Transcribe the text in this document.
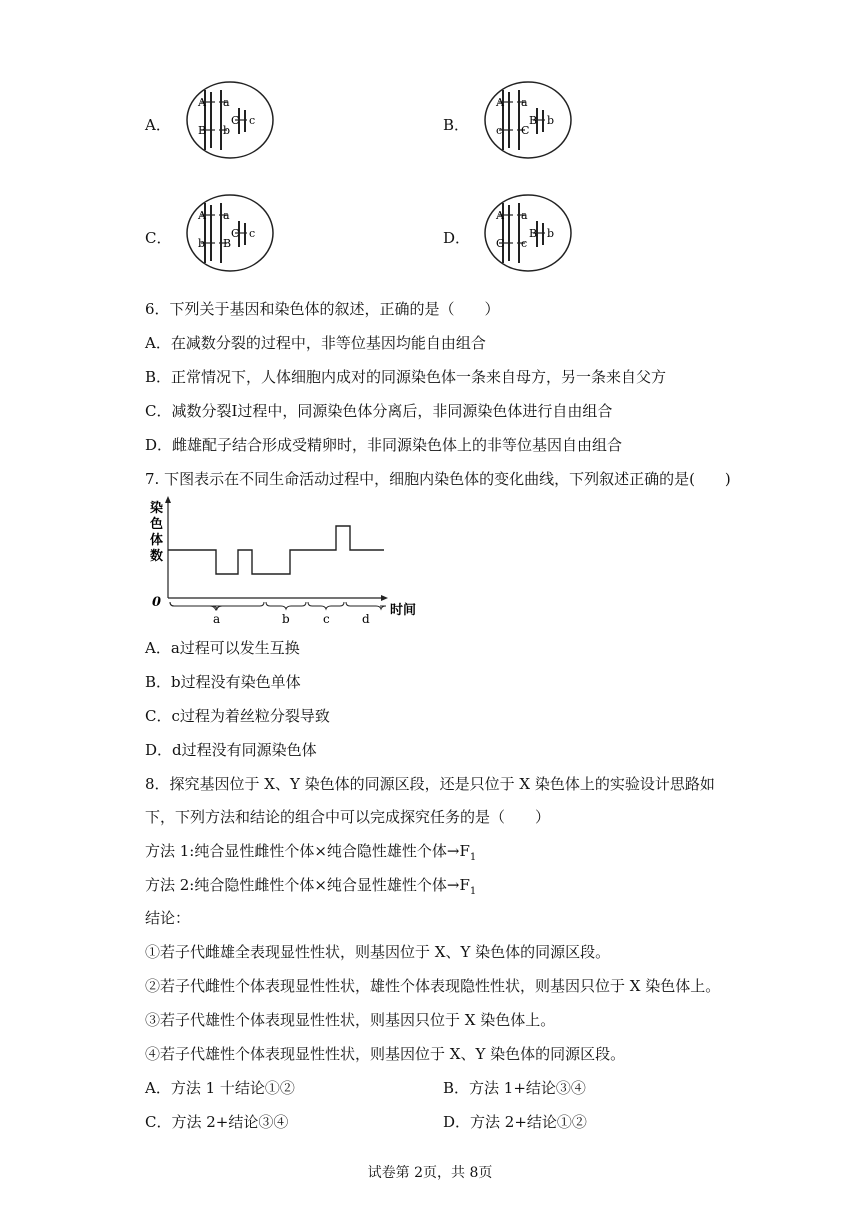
A．
A a
B b
C c	B．
A a
c C
B b
C．
A a
b B
C c	D．
A a
C c
B b
6．下列关于基因和染色体的叙述，正确的是（　　）
A．在减数分裂的过程中，非等位基因均能自由组合
B．正常情况下，人体细胞内成对的同源染色体一条来自母方，另一条来自父方
C．减数分裂Ⅰ过程中，同源染色体分离后，非同源染色体进行自由组合
D．雌雄配子结合形成受精卵时，非同源染色体上的非等位基因自由组合
7. 下图表示在不同生命活动过程中，细胞内染色体的变化曲线，下列叙述正确的是(　　)
染
色
体
数
0
时间
a	b	c	d
A．a过程可以发生互换
B．b过程没有染色单体
C．c过程为着丝粒分裂导致
D．d过程没有同源染色体
8．探究基因位于 X、Y 染色体的同源区段，还是只位于 X 染色体上的实验设计思路如
下，下列方法和结论的组合中可以完成探究任务的是（　　）
方法 1:纯合显性雌性个体×纯合隐性雄性个体$\to F_1$
方法 2:纯合隐性雌性个体×纯合显性雄性个体$\to F_1$
结论：
①若子代雌雄全表现显性性状，则基因位于 X、Y 染色体的同源区段。
②若子代雌性个体表现显性性状，雄性个体表现隐性性状，则基因只位于 X 染色体上。
③若子代雄性个体表现显性性状，则基因只位于 X 染色体上。
④若子代雄性个体表现显性性状，则基因位于 X、Y 染色体的同源区段。
A．方法 1 十结论①②	B．方法 1+结论③④
C．方法 2+结论③④	D．方法 2+结论①②
试卷第 2页，共 8页
